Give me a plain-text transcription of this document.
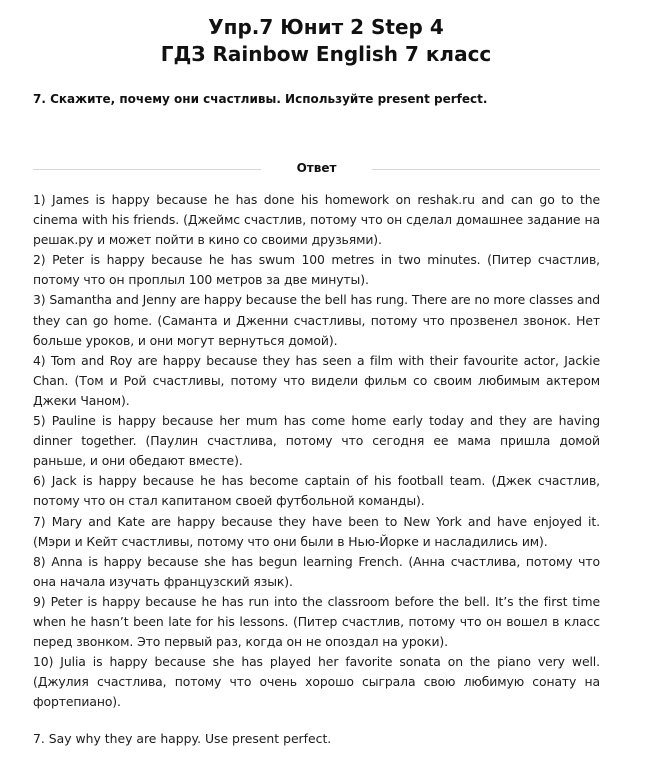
Упр.7 Юнит 2 Step 4
ГДЗ Rainbow English 7 класс
7. Скажите, почему они счастливы. Используйте present perfect.
Ответ

1) James is happy because he has done his homework on reshak.ru and can go to the cinema with his friends. (Джеймс счастлив, потому что он сделал домашнее задание на решак.ру и может пойти в кино со своими друзьями).

2) Peter is happy because he has swum 100 metres in two minutes. (Питер счастлив, потому что он проплыл 100 метров за две минуты).

3) Samantha and Jenny are happy because the bell has rung. There are no more classes and they can go home. (Саманта и Дженни счастливы, потому что прозвенел звонок. Нет больше уроков, и они могут вернуться домой).

4) Tom and Roy are happy because they has seen a film with their favourite actor, Jackie Chan. (Том и Рой счастливы, потому что видели фильм со своим любимым актером Джеки Чаном).

5) Pauline is happy because her mum has come home early today and they are having dinner together. (Паулин счастлива, потому что сегодня ее мама пришла домой раньше, и они обедают вместе).

6) Jack is happy because he has become captain of his football team. (Джек счастлив, потому что он стал капитаном своей футбольной команды).

7) Mary and Kate are happy because they have been to New York and have enjoyed it. (Мэри и Кейт счастливы, потому что они были в Нью-Йорке и насладились им).

8) Anna is happy because she has begun learning French. (Анна счастлива, потому что она начала изучать французский язык).

9) Peter is happy because he has run into the classroom before the bell. It’s the first time when he hasn’t been late for his lessons. (Питер счастлив, потому что он вошел в класс перед звонком. Это первый раз, когда он не опоздал на уроки).

10) Julia is happy because she has played her favorite sonata on the piano very well. (Джулия счастлива, потому что очень хорошо сыграла свою любимую сонату на фортепиано).

7. Say why they are happy. Use present perfect.
